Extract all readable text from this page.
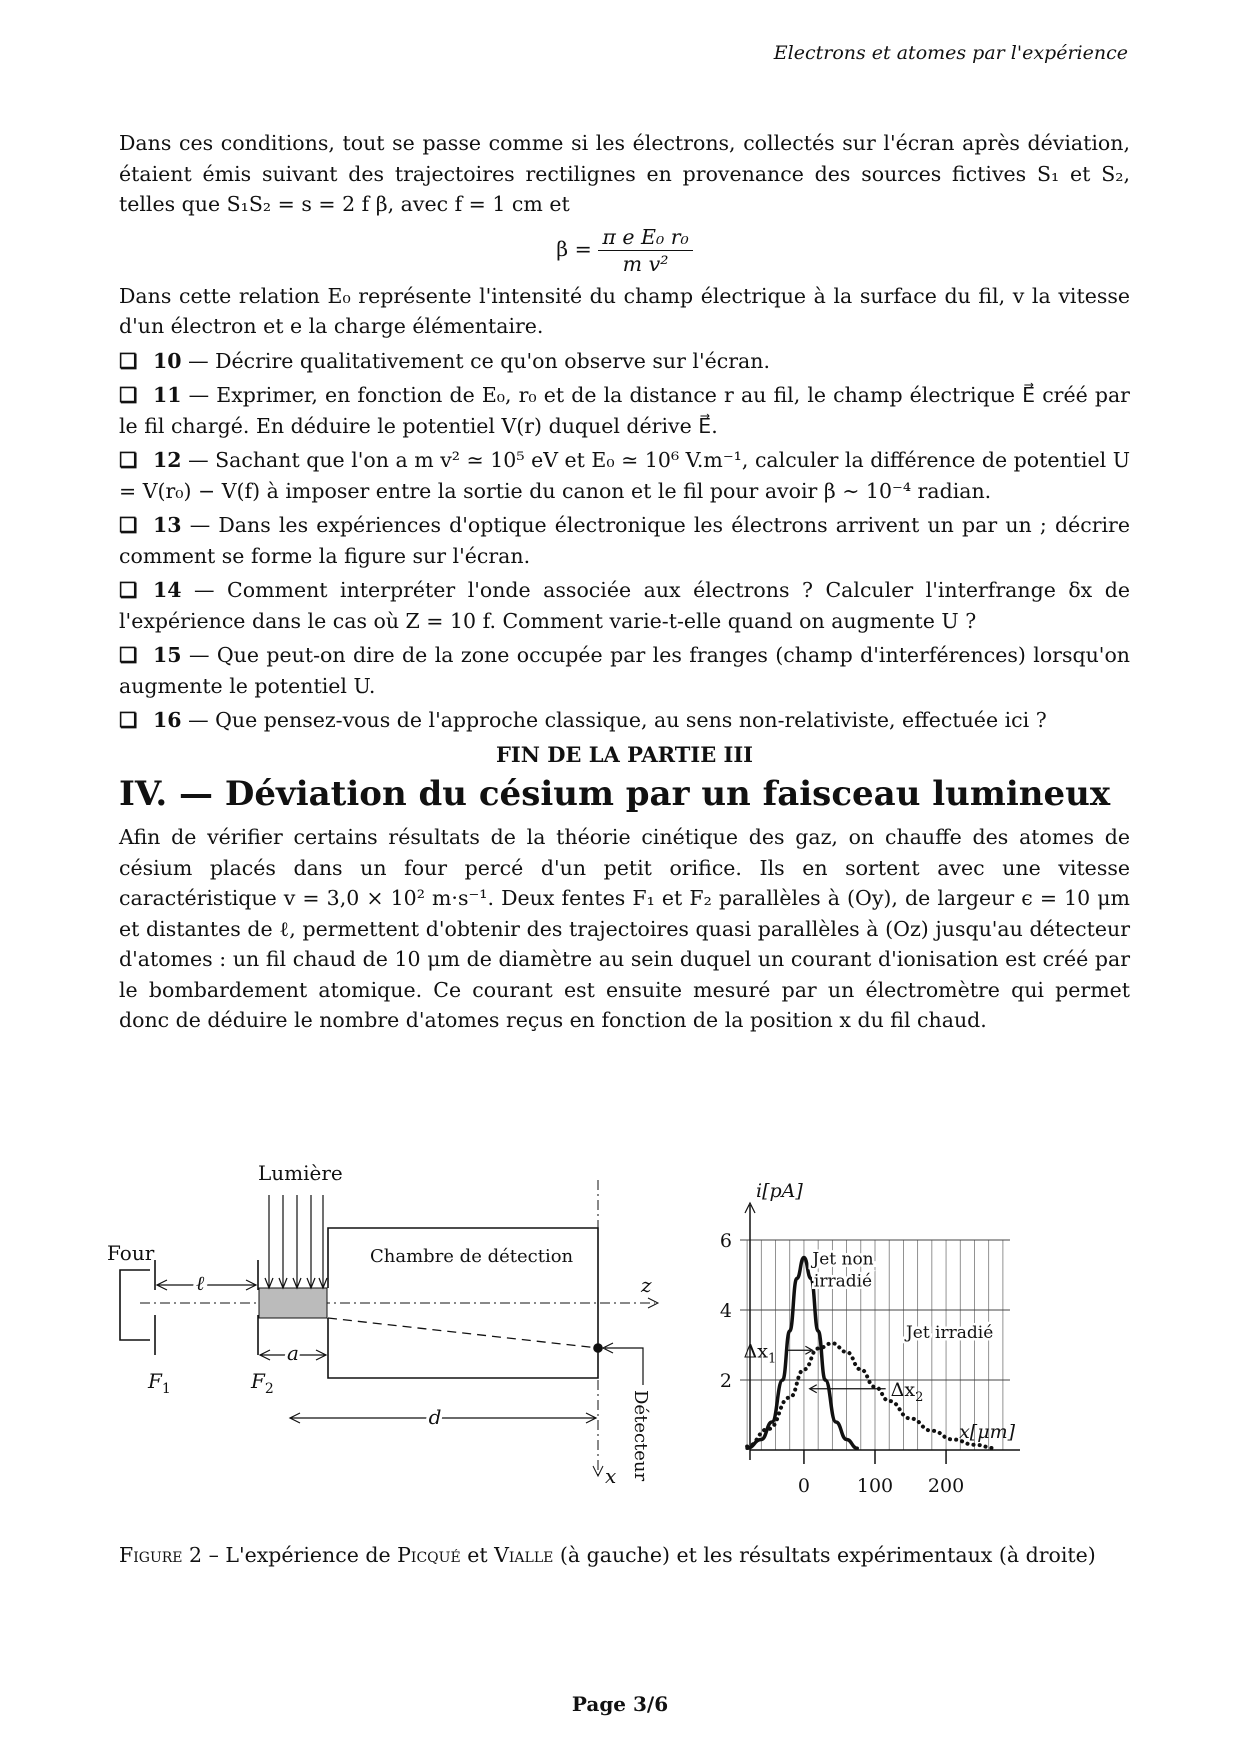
Electrons et atomes par l'expérience

Dans ces conditions, tout se passe comme si les électrons, collectés sur l'écran après déviation, étaient émis suivant des trajectoires rectilignes en provenance des sources fictives S₁ et S₂, telles que S₁S₂ = s = 2 f β, avec f = 1 cm et

$\beta = \frac{\text{π e E₀ r₀}}{\text{m v²}}$

Dans cette relation E₀ représente l'intensité du champ électrique à la surface du fil, v la vitesse d'un électron et e la charge élémentaire.

❏ 10 — Décrire qualitativement ce qu'on observe sur l'écran.

❏ 11 — Exprimer, en fonction de E₀, r₀ et de la distance r au fil, le champ électrique E⃗ créé par le fil chargé. En déduire le potentiel V(r) duquel dérive E⃗.

❏ 12 — Sachant que l'on a m v² ≃ 10⁵ eV et E₀ ≃ 10⁶ V.m⁻¹, calculer la différence de potentiel U = V(r₀) − V(f) à imposer entre la sortie du canon et le fil pour avoir β ∼ 10⁻⁴ radian.

❏ 13 — Dans les expériences d'optique électronique les électrons arrivent un par un ; décrire comment se forme la figure sur l'écran.

❏ 14 — Comment interpréter l'onde associée aux électrons ? Calculer l'interfrange δx de l'expérience dans le cas où Z = 10 f. Comment varie-t-elle quand on augmente U ?

❏ 15 — Que peut-on dire de la zone occupée par les franges (champ d'interférences) lorsqu'on augmente le potentiel U.

❏ 16 — Que pensez-vous de l'approche classique, au sens non-relativiste, effectuée ici ?

FIN DE LA PARTIE III
IV. — Déviation du césium par un faisceau lumineux

Afin de vérifier certains résultats de la théorie cinétique des gaz, on chauffe des atomes de césium placés dans un four percé d'un petit orifice. Ils en sortent avec une vitesse caractéristique v = 3,0 × 10² m·s⁻¹. Deux fentes F₁ et F₂ parallèles à (Oy), de largeur ϵ = 10 μm et distantes de ℓ, permettent d'obtenir des trajectoires quasi parallèles à (Oz) jusqu'au détecteur d'atomes : un fil chaud de 10 μm de diamètre au sein duquel un courant d'ionisation est créé par le bombardement atomique. Ce courant est ensuite mesuré par un électromètre qui permet donc de déduire le nombre d'atomes reçus en fonction de la position x du fil chaud.

Lumière
Four
ℓ
Chambre de détection
z
a
$F_1$	$F_2$
d	Détecteur
x
2
4
6
0 100 200
i[pA]
x[μm]
Jet non irradié
Jet irradié
$\Delta x_1$
$\Delta x_2$
Figure 2 – L'expérience de Picqué et Vialle (à gauche) et les résultats expérimentaux (à droite)
Page 3/6
